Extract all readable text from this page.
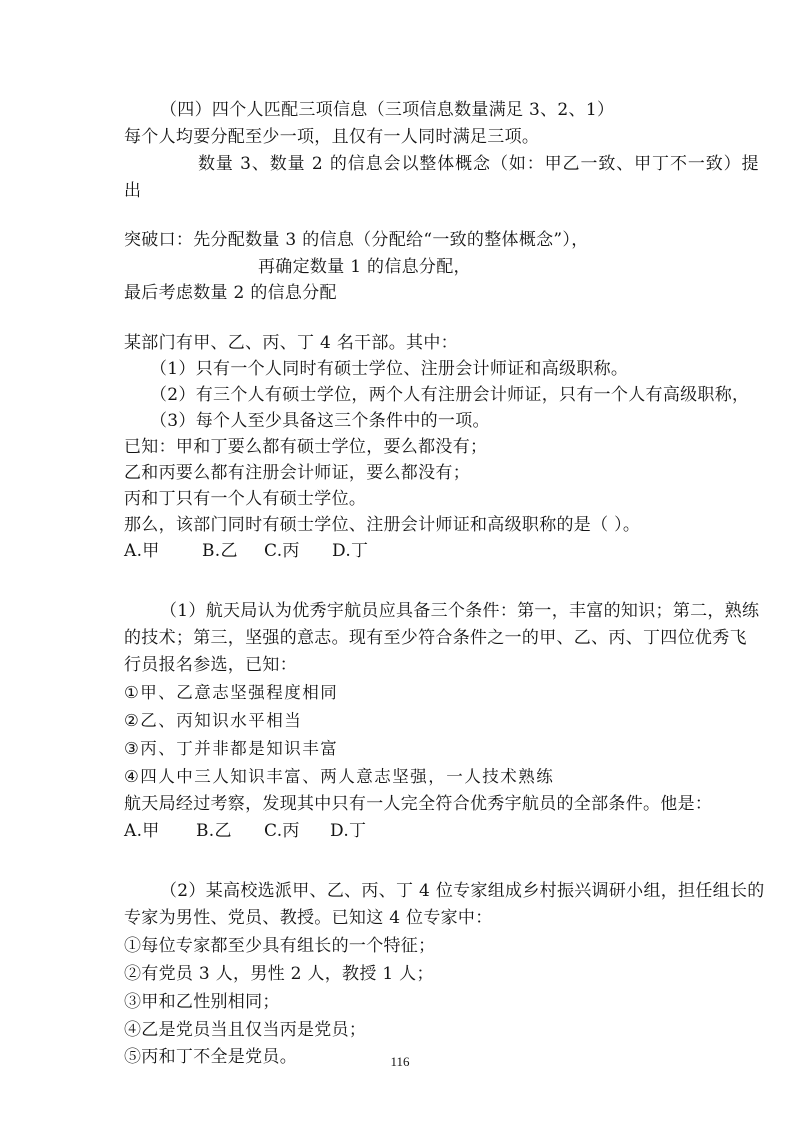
（四）四个人匹配三项信息（三项信息数量满足 3、2、1）
每个人均要分配至少一项，且仅有一人同时满足三项。
数量 3、数量 2 的信息会以整体概念（如：甲乙一致、甲丁不一致）提
出
突破口：先分配数量 3 的信息（分配给“一致的整体概念”），
再确定数量 1 的信息分配，
最后考虑数量 2 的信息分配
某部门有甲、乙、丙、丁 4 名干部。其中：
（1）只有一个人同时有硕士学位、注册会计师证和高级职称。
（2）有三个人有硕士学位，两个人有注册会计师证，只有一个人有高级职称，
（3）每个人至少具备这三个条件中的一项。
已知：甲和丁要么都有硕士学位，要么都没有；
乙和丙要么都有注册会计师证，要么都没有；
丙和丁只有一个人有硕士学位。
那么，该部门同时有硕士学位、注册会计师证和高级职称的是（ ）。
A.甲 B.乙 C.丙 D.丁
（1）航天局认为优秀宇航员应具备三个条件：第一，丰富的知识；第二，熟练
的技术；第三，坚强的意志。现有至少符合条件之一的甲、乙、丙、丁四位优秀飞
行员报名参选，已知：
①甲、乙意志坚强程度相同
②乙、丙知识水平相当
③丙、丁并非都是知识丰富
④四人中三人知识丰富、两人意志坚强，一人技术熟练
航天局经过考察，发现其中只有一人完全符合优秀宇航员的全部条件。他是：
A.甲 B.乙 C.丙 D.丁
（2）某高校选派甲、乙、丙、丁 4 位专家组成乡村振兴调研小组，担任组长的
专家为男性、党员、教授。已知这 4 位专家中：
①每位专家都至少具有组长的一个特征；
②有党员 3 人，男性 2 人，教授 1 人；
③甲和乙性别相同；
④乙是党员当且仅当丙是党员；
⑤丙和丁不全是党员。	116
